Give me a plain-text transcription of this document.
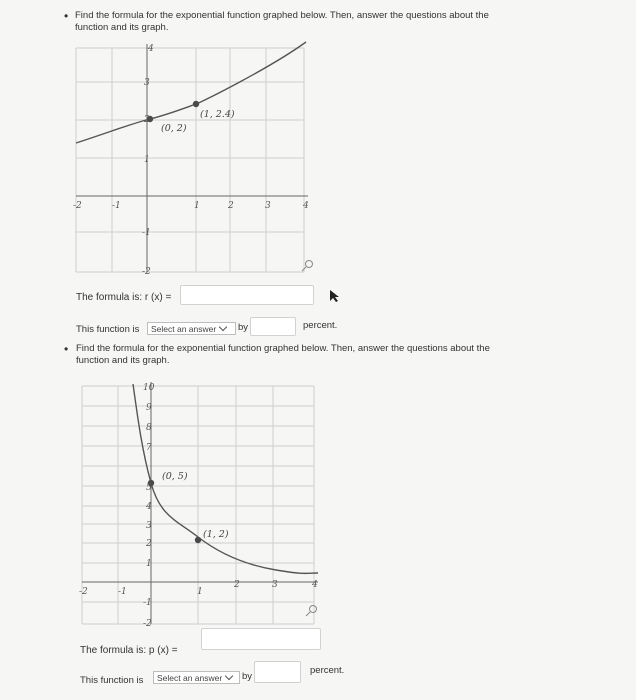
• Find the formula for the exponential function graphed below. Then, answer the questions about the function and its graph.
(0, 2)
(1, 2.4)
4
3
2
1
-1
-2
-2	-1	1	2	3	4
The formula is: r (x) =
This function is	Select an answer	by	percent.
• Find the formula for the exponential function graphed below. Then, answer the questions about the function and its graph.
(0, 5)
(1, 2)
10
9
8
7
5
4
3
2
1
-1
-2
-2	-1	1
2	3	4
The formula is: p (x) =
This function is	Select an answer	by
percent.
